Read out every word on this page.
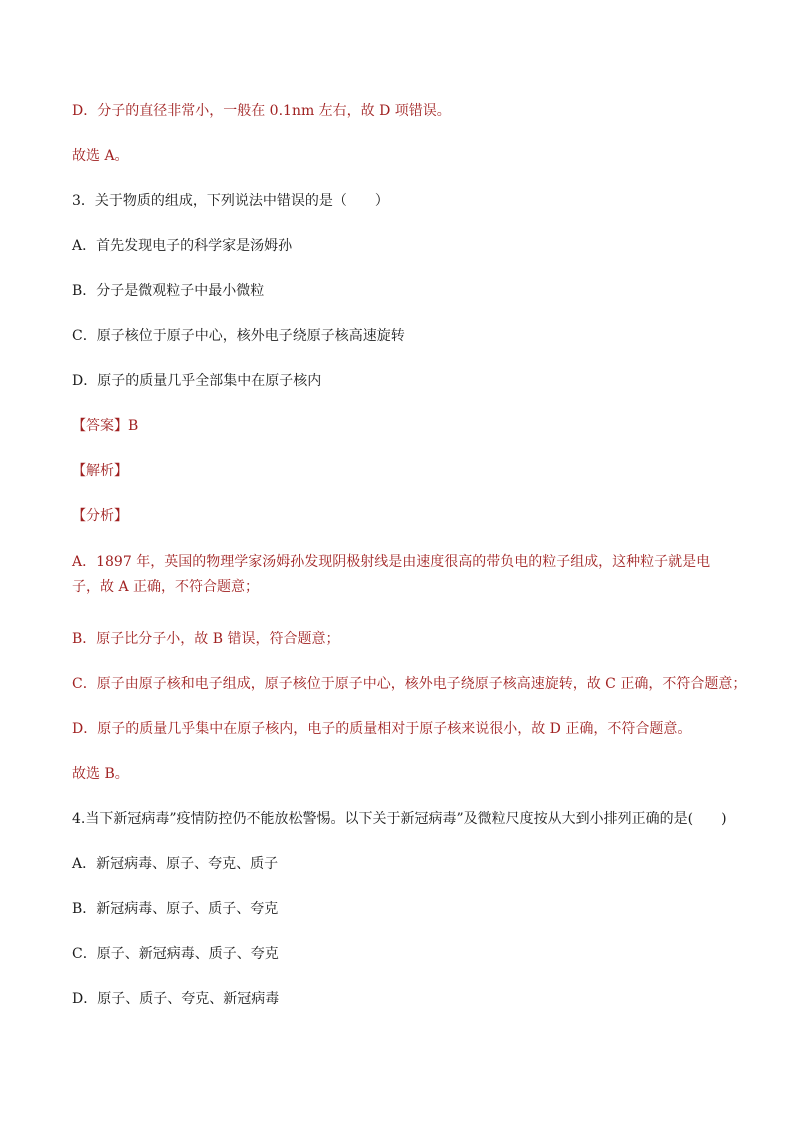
D．分子的直径非常小，一般在 0.1nm 左右，故 D 项错误。
故选 A。
3．关于物质的组成，下列说法中错误的是（　　）
A．首先发现电子的科学家是汤姆孙
B．分子是微观粒子中最小微粒
C．原子核位于原子中心，核外电子绕原子核高速旋转
D．原子的质量几乎全部集中在原子核内
【答案】B
【解析】
【分析】
A．1897 年，英国的物理学家汤姆孙发现阴极射线是由速度很高的带负电的粒子组成，这种粒子就是电子，故 A 正确，不符合题意；
B．原子比分子小，故 B 错误，符合题意；
C．原子由原子核和电子组成，原子核位于原子中心，核外电子绕原子核高速旋转，故 C 正确，不符合题意；
D．原子的质量几乎集中在原子核内，电子的质量相对于原子核来说很小，故 D 正确，不符合题意。
故选 B。
4.当下新冠病毒”疫情防控仍不能放松警惕。以下关于新冠病毒”及微粒尺度按从大到小排列正确的是(　　)
A．新冠病毒、原子、夸克、质子
B．新冠病毒、原子、质子、夸克
C．原子、新冠病毒、质子、夸克
D．原子、质子、夸克、新冠病毒
